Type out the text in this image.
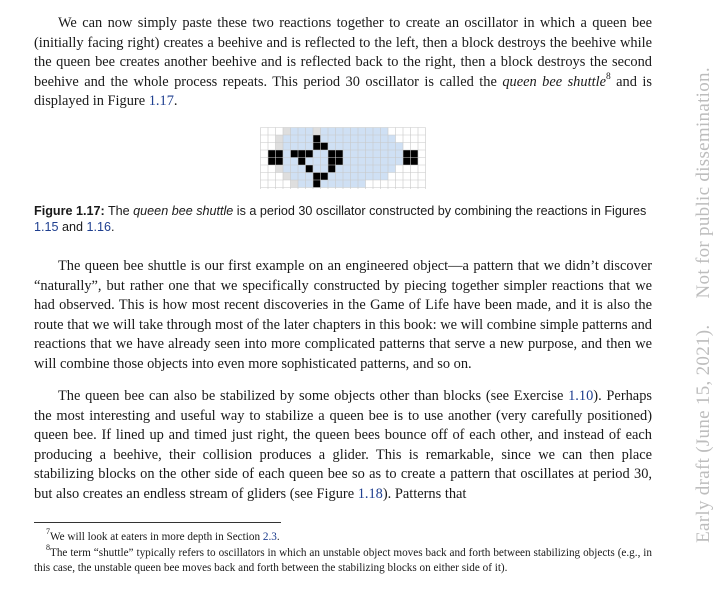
We can now simply paste these two reactions together to create an oscillator in which a queen bee (initially facing right) creates a beehive and is reflected to the left, then a block destroys the beehive while the queen bee creates another beehive and is reflected back to the right, then a block destroys the second beehive and the whole process repeats. This period 30 oscillator is called the queen bee shuttle$^8$ and is displayed in Figure 1.17.

Figure 1.17: The queen bee shuttle is a period 30 oscillator constructed by combining the reactions in Figures 1.15 and 1.16.

The queen bee shuttle is our first example on an engineered object—a pattern that we didn’t discover “naturally”, but rather one that we specifically constructed by piecing together simpler reactions that we had observed. This is how most recent discoveries in the Game of Life have been made, and it is also the route that we will take through most of the later chapters in this book: we will combine simple patterns and reactions that we have already seen into more complicated patterns that serve a new purpose, and then we will combine those objects into even more sophisticated patterns, and so on.

The queen bee can also be stabilized by some objects other than blocks (see Exercise 1.10). Perhaps the most interesting and useful way to stabilize a queen bee is to use another (very carefully positioned) queen bee. If lined up and timed just right, the queen bees bounce off of each other, and instead of each producing a beehive, their collision produces a glider. This is remarkable, since we can then place stabilizing blocks on the other side of each queen bee so as to create a pattern that oscillates at period 30, but also creates an endless stream of gliders (see Figure 1.18). Patterns that

$^7$We will look at eaters in more depth in Section 2.3.

$^8$The term “shuttle” typically refers to oscillators in which an unstable object moves back and forth between stabilizing objects (e.g., in this case, the unstable queen bee moves back and forth between the stabilizing blocks on either side of it).

Early draft (June 15, 2021).Not for public dissemination.
